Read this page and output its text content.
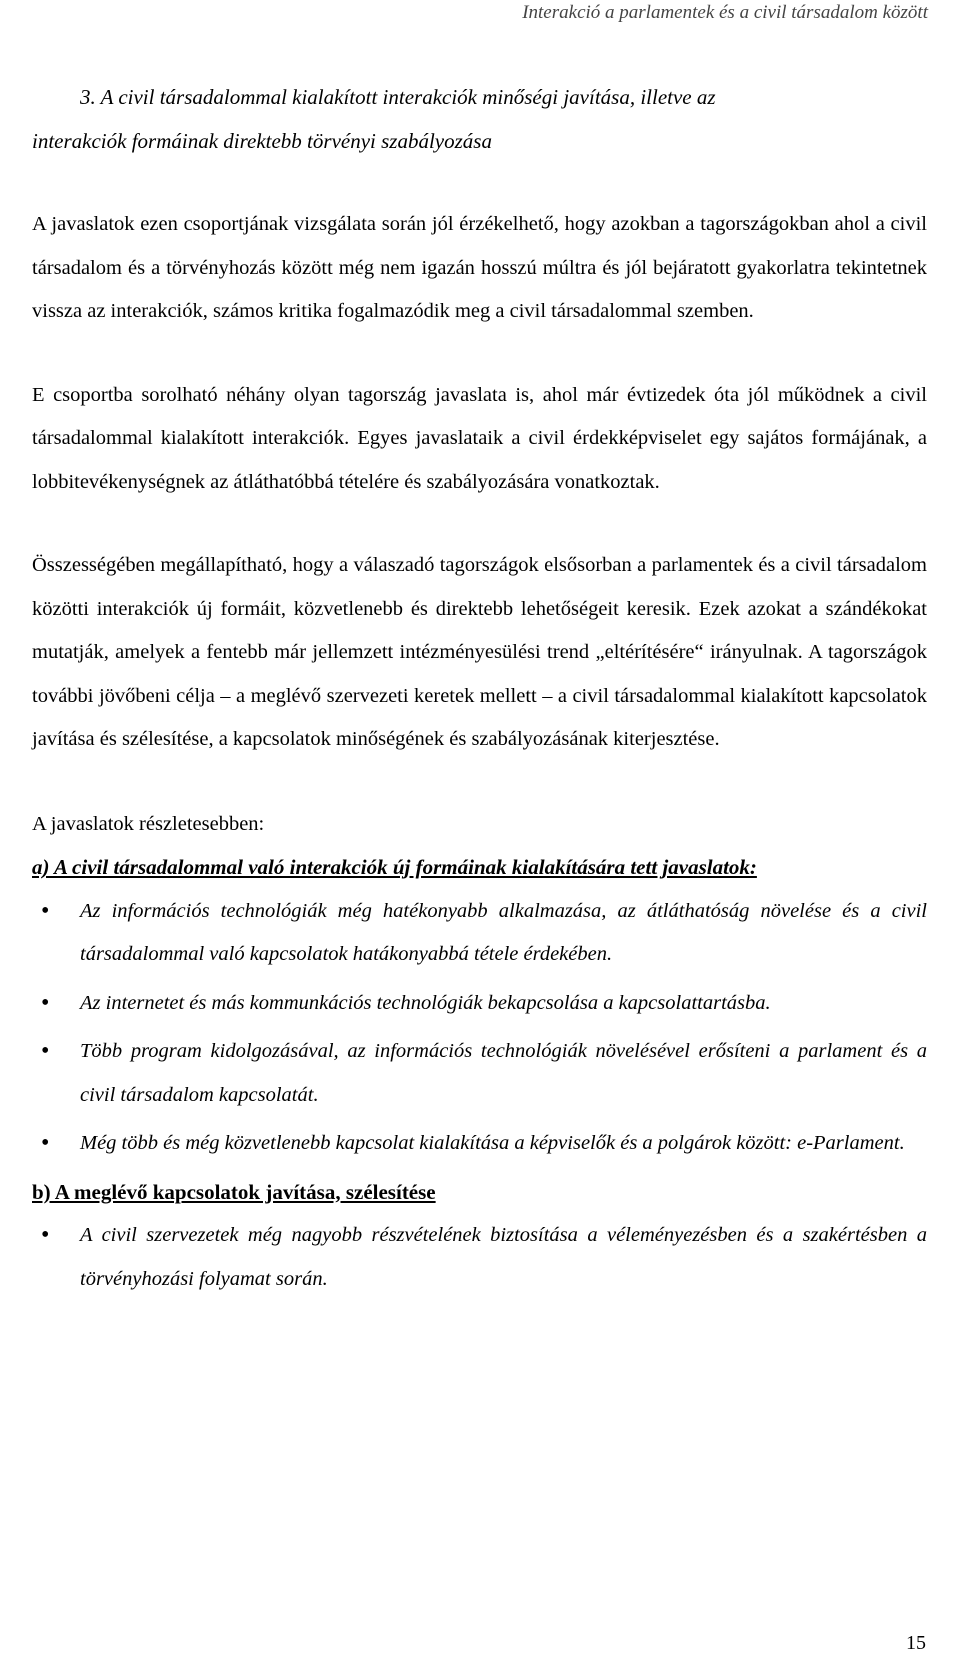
Interakció a parlamentek és a civil társadalom között
3. A civil társadalommal kialakított interakciók minőségi javítása, illetve az
interakciók formáinak direktebb törvényi szabályozása

A javaslatok ezen csoportjának vizsgálata során jól érzékelhető, hogy azokban a tagországokban ahol a civil társadalom és a törvényhozás között még nem igazán hosszú múltra és jól bejáratott gyakorlatra tekintetnek vissza az interakciók, számos kritika fogalmazódik meg a civil társadalommal szemben.

E csoportba sorolható néhány olyan tagország javaslata is, ahol már évtizedek óta jól működnek a civil társadalommal kialakított interakciók. Egyes javaslataik a civil érdekképviselet egy sajátos formájának, a lobbitevékenységnek az átláthatóbbá tételére és szabályozására vonatkoztak.

Összességében megállapítható, hogy a válaszadó tagországok elsősorban a parlamentek és a civil társadalom közötti interakciók új formáit, közvetlenebb és direktebb lehetőségeit keresik. Ezek azokat a szándékokat mutatják, amelyek a fentebb már jellemzett intézményesülési trend „eltérítésére“ irányulnak. A tagországok további jövőbeni célja – a meglévő szervezeti keretek mellett – a civil társadalommal kialakított kapcsolatok javítása és szélesítése, a kapcsolatok minőségének és szabályozásának kiterjesztése.

A javaslatok részletesebben:

a) A civil társadalommal való interakciók új formáinak kialakítására tett javaslatok:

• Az információs technológiák még hatékonyabb alkalmazása, az átláthatóság növelése és a civil társadalommal való kapcsolatok hatákonyabbá tétele érdekében.
• Az internetet és más kommunkációs technológiák bekapcsolása a kapcsolattartásba.
• Több program kidolgozásával, az információs technológiák növelésével erősíteni a parlament és a civil társadalom kapcsolatát.
• Még több és még közvetlenebb kapcsolat kialakítása a képviselők és a polgárok között: e-Parlament.

b) A meglévő kapcsolatok javítása, szélesítése

• A civil szervezetek még nagyobb részvételének biztosítása a véleményezésben és a szakértésben a törvényhozási folyamat során.
15
